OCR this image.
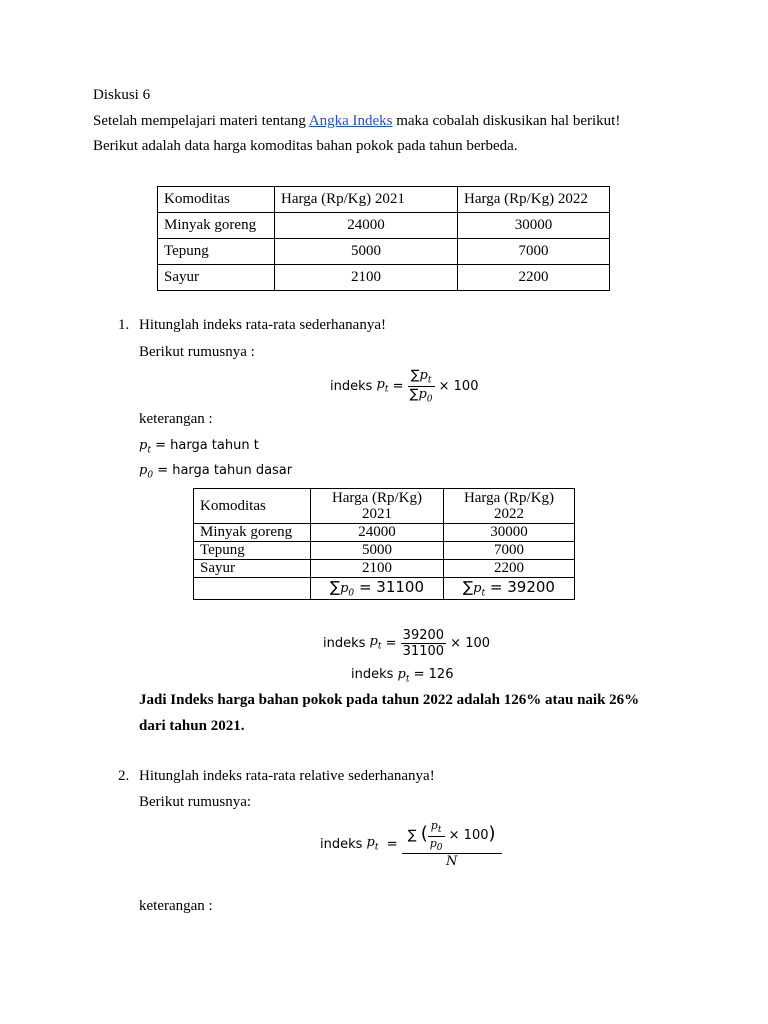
Diskusi 6
Setelah mempelajari materi tentang Angka Indeks maka cobalah diskusikan hal berikut!
Berikut adalah data harga komoditas bahan pokok pada tahun berbeda.
Komoditas	Harga (Rp/Kg) 2021	Harga (Rp/Kg) 2022
Minyak goreng	24000	30000
Tepung	5000	7000
Sayur	2100	2200
1. Hitunglah indeks rata-rata sederhananya!
Berikut rumusnya :
indeks
$p_t = \frac{\sum p_t}{\sum p_0}$
× 100
keterangan :
$p_t$ = harga tahun t
$p_0$ = harga tahun dasar
Komoditas	Harga (Rp/Kg) 2021	Harga (Rp/Kg) 2022
Minyak goreng	24000	30000
Tepung	5000	7000
Sayur	2100	2200
	$\sum p_0 = 31100$	$\sum p_t = 39200$
indeks
$p_t = \frac{39200}{31100}$
× 100
indeks $p_t = 126$
Jadi Indeks harga bahan pokok pada tahun 2022 adalah 126% atau naik 26%
dari tahun 2021.
2. Hitunglah indeks rata-rata relative sederhananya!
Berikut rumusnya:
indeks
$p_t = \frac{\sum ( \frac{p_t}{p_0} \times 100)}{N}$
keterangan :
